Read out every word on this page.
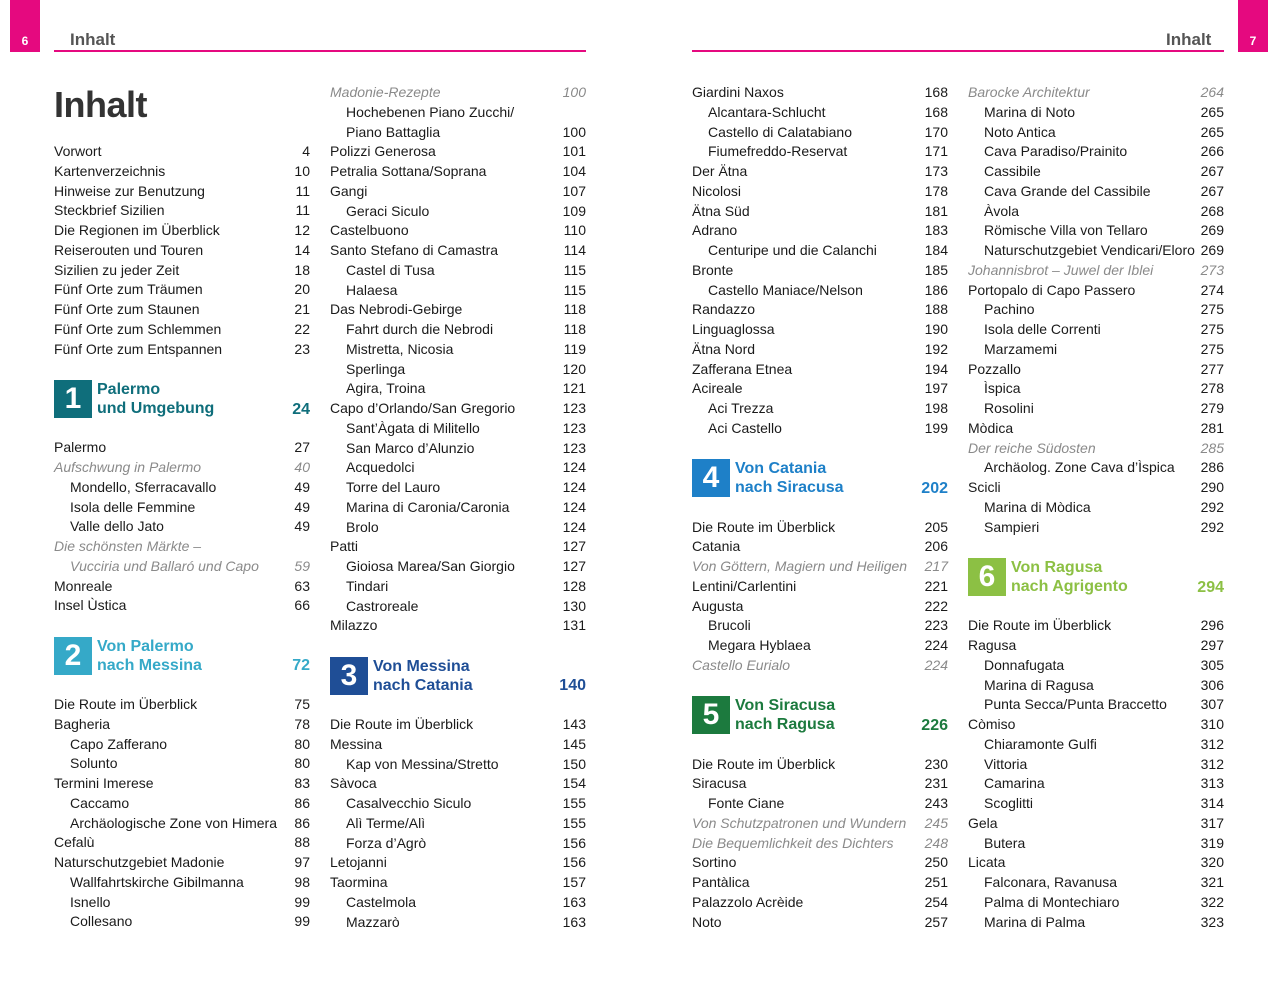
6 Inhalt	7
Inhalt
Inhalt
Vorwort	4
Kartenverzeichnis	10
Hinweise zur Benutzung	11
Steckbrief Sizilien	11
Die Regionen im Überblick	12
Reiserouten und Touren	14
Sizilien zu jeder Zeit	18
Fünf Orte zum Träumen	20
Fünf Orte zum Staunen	21
Fünf Orte zum Schlemmen	22
Fünf Orte zum Entspannen	23
1 Palermo
und Umgebung	24
Palermo	27
Aufschwung in Palermo	40
Mondello, Sferracavallo	49
Isola delle Femmine	49
Valle dello Jato	49
Die schönsten Märkte –
Vucciria und Ballaró und Capo	59
Monreale	63
Insel Ùstica	66
2 Von Palermo
nach Messina	72
Die Route im Überblick	75
Bagheria	78
Capo Zafferano	80
Solunto	80
Termini Imerese	83
Caccamo	86
Archäologische Zone von Himera 86
Cefalù	88
Naturschutzgebiet Madonie	97
Wallfahrtskirche Gibilmanna	98
Isnello	99
Collesano	99
Madonie-Rezepte	100
Hochebenen Piano Zucchi/
Piano Battaglia	100
Polizzi Generosa	101
Petralia Sottana/Soprana	104
Gangi	107
Geraci Siculo	109
Castelbuono	110
Santo Stefano di Camastra	114
Castel di Tusa	115
Halaesa	115
Das Nebrodi-Gebirge	118
Fahrt durch die Nebrodi	118
Mistretta, Nicosia	119
Sperlinga	120
Agira, Troina	121
Capo d’Orlando/San Gregorio	123
Sant’Àgata di Militello	123
San Marco d’Alunzio	123
Acquedolci	124
Torre del Lauro	124
Marina di Caronia/Caronia	124
Brolo	124
Patti	127
Gioiosa Marea/San Giorgio	127
Tindari	128
Castroreale	130
Milazzo	131
3 Von Messina
nach Catania	140
Die Route im Überblick	143
Messina	145
Kap von Messina/Stretto	150
Sàvoca	154
Casalvecchio Siculo	155
Alì Terme/Alì	155
Forza d’Agrò	156
Letojanni	156
Taormina	157
Castelmola	163
Mazzarò	163
Giardini Naxos	168
Alcantara-Schlucht	168
Castello di Calatabiano	170
Fiumefreddo-Reservat	171
Der Ätna	173
Nicolosi	178
Ätna Süd	181
Adrano	183
Centuripe und die Calanchi	184
Bronte	185
Castello Maniace/Nelson	186
Randazzo	188
Linguaglossa	190
Ätna Nord	192
Zafferana Etnea	194
Acireale	197
Aci Trezza	198
Aci Castello	199
4 Von Catania
nach Siracusa	202
Die Route im Überblick	205
Catania	206
Von Göttern, Magiern und Heiligen 217
Lentini/Carlentini	221
Augusta	222
Brucoli	223
Megara Hyblaea	224
Castello Eurialo	224
5 Von Siracusa
nach Ragusa	226
Die Route im Überblick	230
Siracusa	231
Fonte Ciane	243
Von Schutzpatronen und Wundern 245
Die Bequemlichkeit des Dichters 248
Sortino	250
Pantàlica	251
Palazzolo Acrèide	254
Noto	257
Barocke Architektur	264
Marina di Noto	265
Noto Antica	265
Cava Paradiso/Prainito	266
Cassibile	267
Cava Grande del Cassibile	267
Àvola	268
Römische Villa von Tellaro	269
Naturschutzgebiet Vendicari/Eloro 269
Johannisbrot – Juwel der Iblei	273
Portopalo di Capo Passero	274
Pachino	275
Isola delle Correnti	275
Marzamemi	275
Pozzallo	277
Ìspica	278
Rosolini	279
Mòdica	281
Der reiche Südosten	285
Archäolog. Zone Cava d’Ìspica 286
Scicli	290
Marina di Mòdica	292
Sampieri	292
6 Von Ragusa
nach Agrigento	294
Die Route im Überblick	296
Ragusa	297
Donnafugata	305
Marina di Ragusa	306
Punta Secca/Punta Braccetto 307
Còmiso	310
Chiaramonte Gulfi	312
Vittoria	312
Camarina	313
Scoglitti	314
Gela	317
Butera	319
Licata	320
Falconara, Ravanusa	321
Palma di Montechiaro	322
Marina di Palma	323
